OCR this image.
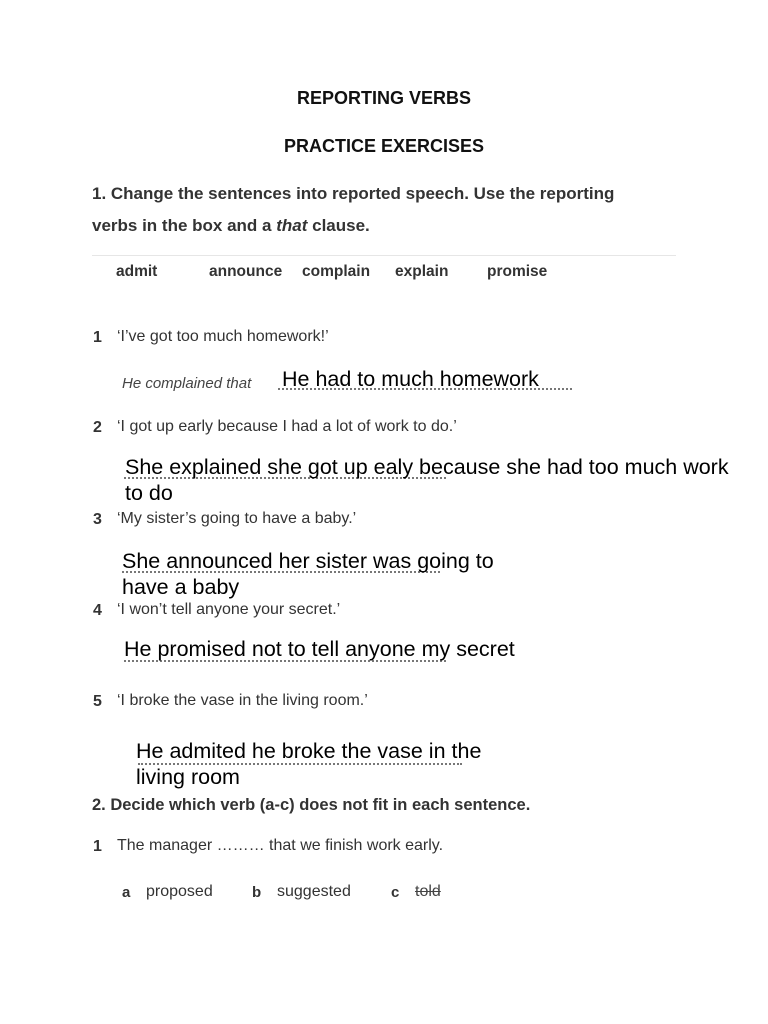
REPORTING VERBS
PRACTICE EXERCISES
1. Change the sentences into reported speech. Use the reporting
verbs in the box and a that clause.
admit	announce complain explain promise
1 ‘I’ve got too much homework!’
He complained that He had to much homework
2 ‘I got up early because I had a lot of work to do.’
She explained she got up ealy because she had too much work to do
3 ‘My sister’s going to have a baby.’
She announced her sister was going to have a baby
4 ‘I won’t tell anyone your secret.’
He promised not to tell anyone my secret
5 ‘I broke the vase in the living room.’
He admited he broke the vase in the living room
2. Decide which verb (a-c) does not fit in each sentence.
1 The manager ……… that we finish work early.
a proposed	b suggested	c told
